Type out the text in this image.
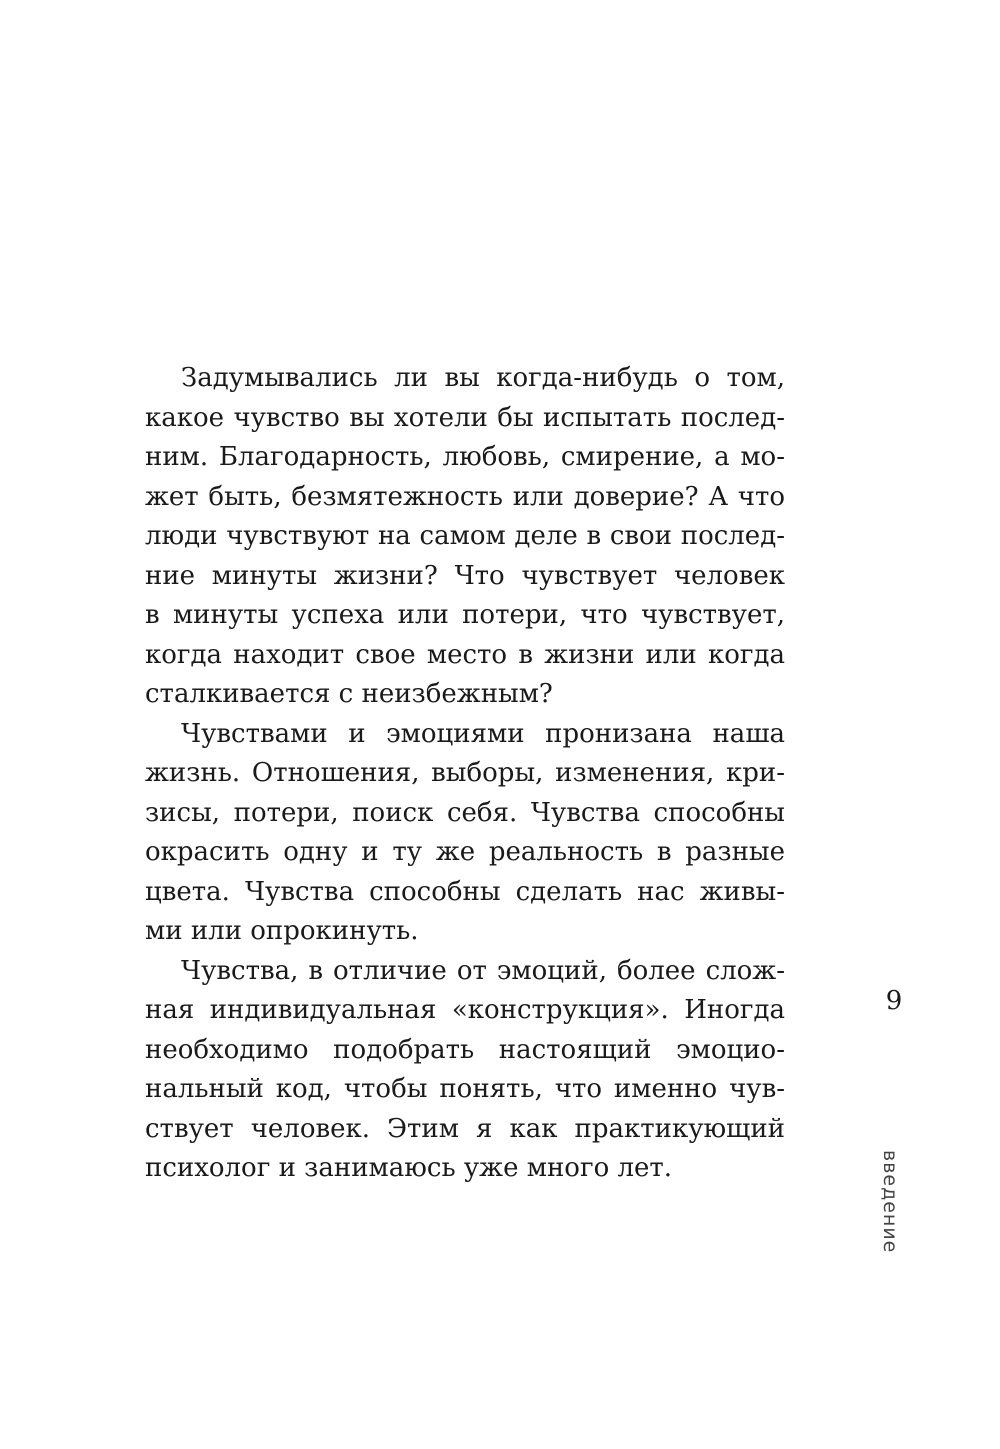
Задумывались ли вы когда-нибудь о том,
какое чувство вы хотели бы испытать послед-
ним. Благодарность, любовь, смирение, а мо-
жет быть, безмятежность или доверие? А что
люди чувствуют на самом деле в свои послед-
ние минуты жизни? Что чувствует человек
в минуты успеха или потери, что чувствует,
когда находит свое место в жизни или когда
сталкивается с неизбежным?

Чувствами и эмоциями пронизана наша
жизнь. Отношения, выборы, изменения, кри-
зисы, потери, поиск себя. Чувства способны
окрасить одну и ту же реальность в разные
цвета. Чувства способны сделать нас живы-
ми или опрокинуть.

Чувства, в отличие от эмоций, более слож-
ная индивидуальная «конструкция». Иногда
необходимо подобрать настоящий эмоцио-
нальный код, чтобы понять, что именно чув-
ствует человек. Этим я как практикующий
психолог и занимаюсь уже много лет.	введение
9
